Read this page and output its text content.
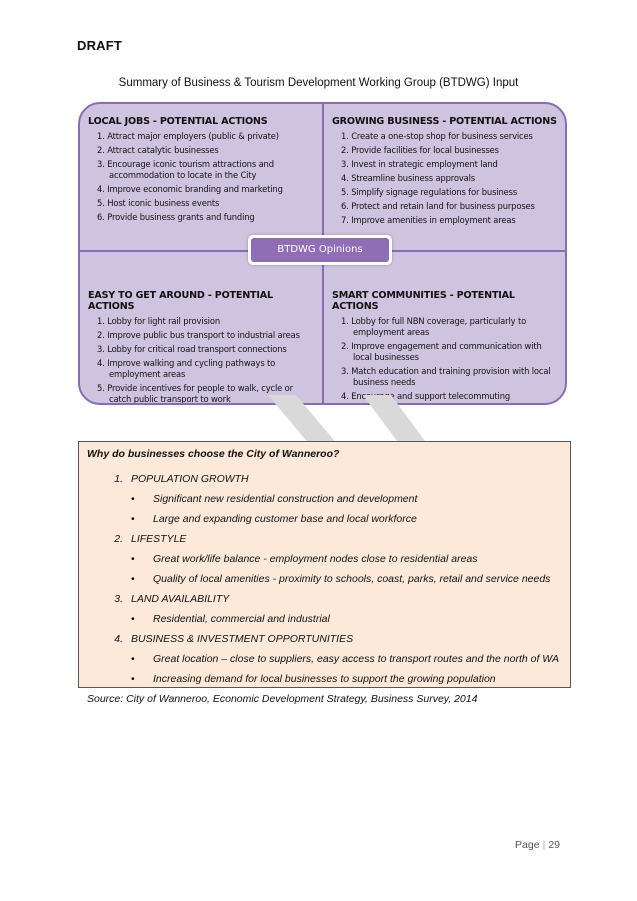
DRAFT
Summary of Business & Tourism Development Working Group (BTDWG) Input
LOCAL JOBS - POTENTIAL ACTIONS
1. Attract major employers (public & private)
2. Attract catalytic businesses
3. Encourage iconic tourism attractions and accommodation to locate in the City
4. Improve economic branding and marketing
5. Host iconic business events
6. Provide business grants and funding
GROWING BUSINESS - POTENTIAL ACTIONS
1. Create a one-stop shop for business services
2. Provide facilities for local businesses
3. Invest in strategic employment land
4. Streamline business approvals
5. Simplify signage regulations for business
6. Protect and retain land for business purposes
7. Improve amenities in employment areas
EASY TO GET AROUND - POTENTIAL ACTIONS
1. Lobby for light rail provision
2. Improve public bus transport to industrial areas
3. Lobby for critical road transport connections
4. Improve walking and cycling pathways to employment areas
5. Provide incentives for people to walk, cycle or catch public transport to work
SMART COMMUNITIES - POTENTIAL ACTIONS
1. Lobby for full NBN coverage, particularly to employment areas
2. Improve engagement and communication with local businesses
3. Match education and training provision with local business needs
4. Encourage and support telecommuting
BTDWG Opinions
Why do businesses choose the City of Wanneroo?
1. POPULATION GROWTH
• Significant new residential construction and development
• Large and expanding customer base and local workforce
2. LIFESTYLE
• Great work/life balance - employment nodes close to residential areas
• Quality of local amenities - proximity to schools, coast, parks, retail and service needs
3. LAND AVAILABILITY
• Residential, commercial and industrial
4. BUSINESS & INVESTMENT OPPORTUNITIES
• Great location – close to suppliers, easy access to transport routes and the north of WA
• Increasing demand for local businesses to support the growing population
Source: City of Wanneroo, Economic Development Strategy, Business Survey, 2014
Page | 29
